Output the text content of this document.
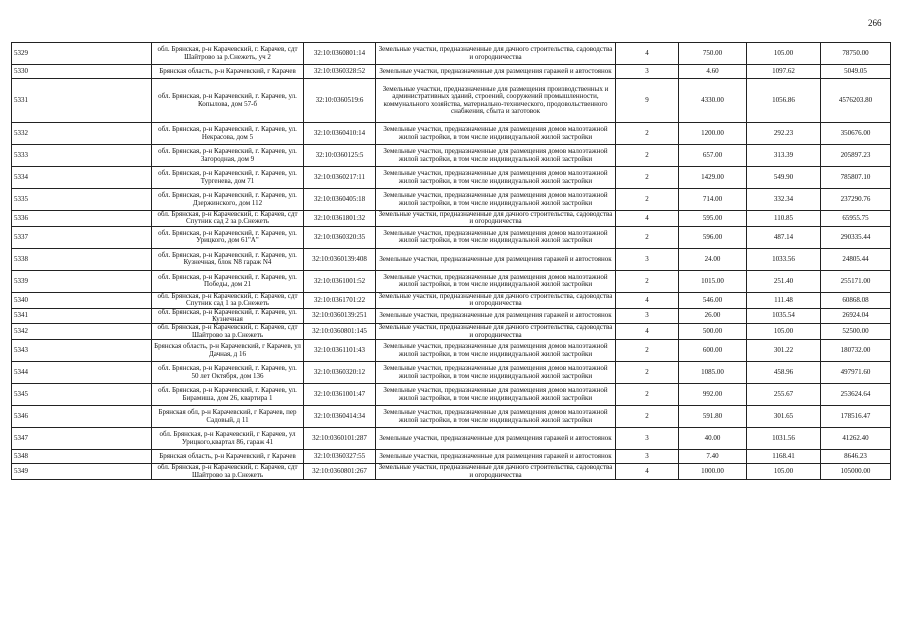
266
5329	обл. Брянская, р-н Карачевский, г. Карачев, сдт Шайтрово за р.Снежеть, уч 2	32:10:0360801:14	Земельные участки, предназначенные для дачного строительства, садоводства и огородничества	4	750.00	105.00	78750.00
5330	Брянская область, р-н Карачевский, г Карачев	32:10:0360328:52	Земельные участки, предназначенные для размещения гаражей и автостоянок	3	4.60	1097.62	5049.05
5331	обл. Брянская, р-н Карачевский, г. Карачев, ул. Копылова, дом 57-б	32:10:0360519:6	Земельные участки, предназначенные для размещения производственных и административных зданий, строений, сооружений промышленности, коммунального хозяйства, материально-технического, продовольственного снабжения, сбыта и заготовок	9	4330.00	1056.86	4576203.80
5332	обл. Брянская, р-н Карачевский, г. Карачев, ул. Некрасова, дом 5	32:10:0360410:14	Земельные участки, предназначенные для размещения домов малоэтажной жилой застройки, в том числе индивидуальной жилой застройки	2	1200.00	292.23	350676.00
5333	обл. Брянская, р-н Карачевский, г. Карачев, ул. Загородная, дом 9	32:10:0360125:5	Земельные участки, предназначенные для размещения домов малоэтажной жилой застройки, в том числе индивидуальной жилой застройки	2	657.00	313.39	205897.23
5334	обл. Брянская, р-н Карачевский, г. Карачев, ул. Тургенева, дом 71	32:10:0360217:11	Земельные участки, предназначенные для размещения домов малоэтажной жилой застройки, в том числе индивидуальной жилой застройки	2	1429.00	549.90	785807.10
5335	обл. Брянская, р-н Карачевский, г. Карачев, ул. Дзержинского, дом 112	32:10:0360405:18	Земельные участки, предназначенные для размещения домов малоэтажной жилой застройки, в том числе индивидуальной жилой застройки	2	714.00	332.34	237290.76
5336	обл. Брянская, р-н Карачевский, г. Карачев, сдт Спутник сад 2 за р.Снежеть	32:10:0361801:32	Земельные участки, предназначенные для дачного строительства, садоводства и огородничества	4	595.00	110.85	65955.75
5337	обл. Брянская, р-н Карачевский, г. Карачев, ул. Урицкого, дом 61"А"	32:10:0360320:35	Земельные участки, предназначенные для размещения домов малоэтажной жилой застройки, в том числе индивидуальной жилой застройки	2	596.00	487.14	290335.44
5338	обл. Брянская, р-н Карачевский, г. Карачев, ул. Кузнечная, блок N8 гараж N4	32:10:0360139:408	Земельные участки, предназначенные для размещения гаражей и автостоянок	3	24.00	1033.56	24805.44
5339	обл. Брянская, р-н Карачевский, г. Карачев, ул. Победы, дом 21	32:10:0361001:52	Земельные участки, предназначенные для размещения домов малоэтажной жилой застройки, в том числе индивидуальной жилой застройки	2	1015.00	251.40	255171.00
5340	обл. Брянская, р-н Карачевский, г. Карачев, сдт Спутник сад 1 за р.Снежеть	32:10:0361701:22	Земельные участки, предназначенные для дачного строительства, садоводства и огородничества	4	546.00	111.48	60868.08
5341	обл. Брянская, р-н Карачевский, г. Карачев, ул. Кузнечная	32:10:0360139:251	Земельные участки, предназначенные для размещения гаражей и автостоянок	3	26.00	1035.54	26924.04
5342	обл. Брянская, р-н Карачевский, г. Карачев, сдт Шайтрово за р.Снежеть	32:10:0360801:145	Земельные участки, предназначенные для дачного строительства, садоводства и огородничества	4	500.00	105.00	52500.00
5343	Брянская область, р-н Карачевский, г Карачев, ул Дачная, д 16	32:10:0361101:43	Земельные участки, предназначенные для размещения домов малоэтажной жилой застройки, в том числе индивидуальной жилой застройки	2	600.00	301.22	180732.00
5344	обл. Брянская, р-н Карачевский, г. Карачев, ул. 50 лет Октября, дом 136	32:10:0360320:12	Земельные участки, предназначенные для размещения домов малоэтажной жилой застройки, в том числе индивидуальной жилой застройки	2	1085.00	458.96	497971.60
5345	обл. Брянская, р-н Карачевский, г. Карачев, ул. Бирамиша, дом 26, квартира 1	32:10:0361001:47	Земельные участки, предназначенные для размещения домов малоэтажной жилой застройки, в том числе индивидуальной жилой застройки	2	992.00	255.67	253624.64
5346	Брянская обл, р-н Карачевский, г Карачев, пер Садовый, д 11	32:10:0360414:34	Земельные участки, предназначенные для размещения домов малоэтажной жилой застройки, в том числе индивидуальной жилой застройки	2	591.80	301.65	178516.47
5347	обл. Брянская, р-н Карачевский, г Карачев, ул Урицкого,квартал 86, гараж 41	32:10:0360101:287	Земельные участки, предназначенные для размещения гаражей и автостоянок	3	40.00	1031.56	41262.40
5348	Брянская область, р-н Карачевский, г Карачев	32:10:0360327:55	Земельные участки, предназначенные для размещения гаражей и автостоянок	3	7.40	1168.41	8646.23
5349	обл. Брянская, р-н Карачевский, г. Карачев, сдт Шайтрово за р.Снежеть	32:10:0360801:267	Земельные участки, предназначенные для дачного строительства, садоводства и огородничества	4	1000.00	105.00	105000.00
